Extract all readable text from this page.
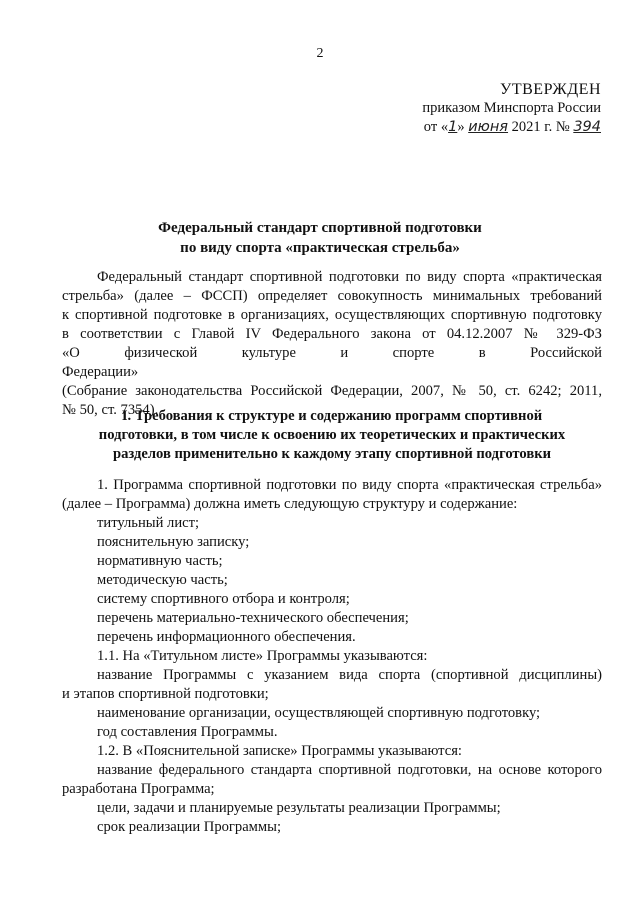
2
УТВЕРЖДЕН
приказом Минспорта России
от «1» июня 2021 г. № 394
Федеральный стандарт спортивной подготовки
по виду спорта «практическая стрельба»

Федеральный стандарт спортивной подготовки по виду спорта «практическая

стрельба» (далее – ФССП) определяет совокупность минимальных требований

к спортивной подготовке в организациях, осуществляющих спортивную подготовку

в соответствии с Главой IV Федерального закона от 04.12.2007 № 329-ФЗ

«О физической культуре и спорте в Российской Федерации»

(Собрание законодательства Российской Федерации, 2007, № 50, ст. 6242; 2011,

№ 50, ст. 7354).

I. Требования к структуре и содержанию программ спортивной
подготовки, в том числе к освоению их теоретических и практических
разделов применительно к каждому этапу спортивной подготовки

1. Программа спортивной подготовки по виду спорта «практическая стрельба»

(далее – Программа) должна иметь следующую структуру и содержание:

титульный лист;

пояснительную записку;

нормативную часть;

методическую часть;

систему спортивного отбора и контроля;

перечень материально-технического обеспечения;

перечень информационного обеспечения.

1.1. На «Титульном листе» Программы указываются:

название Программы с указанием вида спорта (спортивной дисциплины)

и этапов спортивной подготовки;

наименование организации, осуществляющей спортивную подготовку;

год составления Программы.

1.2. В «Пояснительной записке» Программы указываются:

название федерального стандарта спортивной подготовки, на основе которого

разработана Программа;

цели, задачи и планируемые результаты реализации Программы;

срок реализации Программы;
